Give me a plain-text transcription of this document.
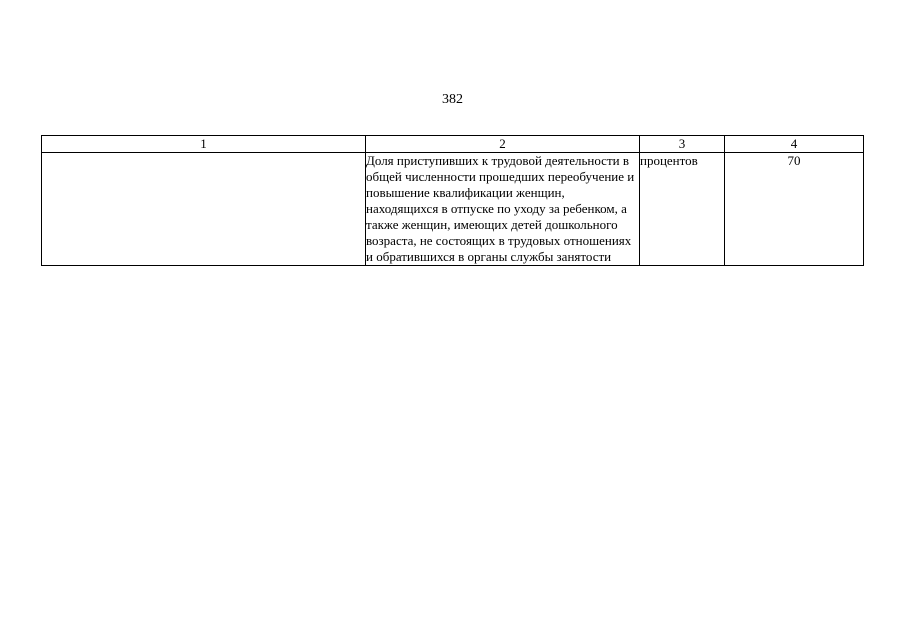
382
1	2	3	4
	Доля приступивших к трудовой деятельности в общей численности прошедших переобучение и повышение квалификации женщин, находящихся в отпуске по уходу за ребенком, а также женщин, имеющих детей дошкольного возраста, не состоящих в трудовых отношениях и обратившихся в органы службы занятости	процентов	70
